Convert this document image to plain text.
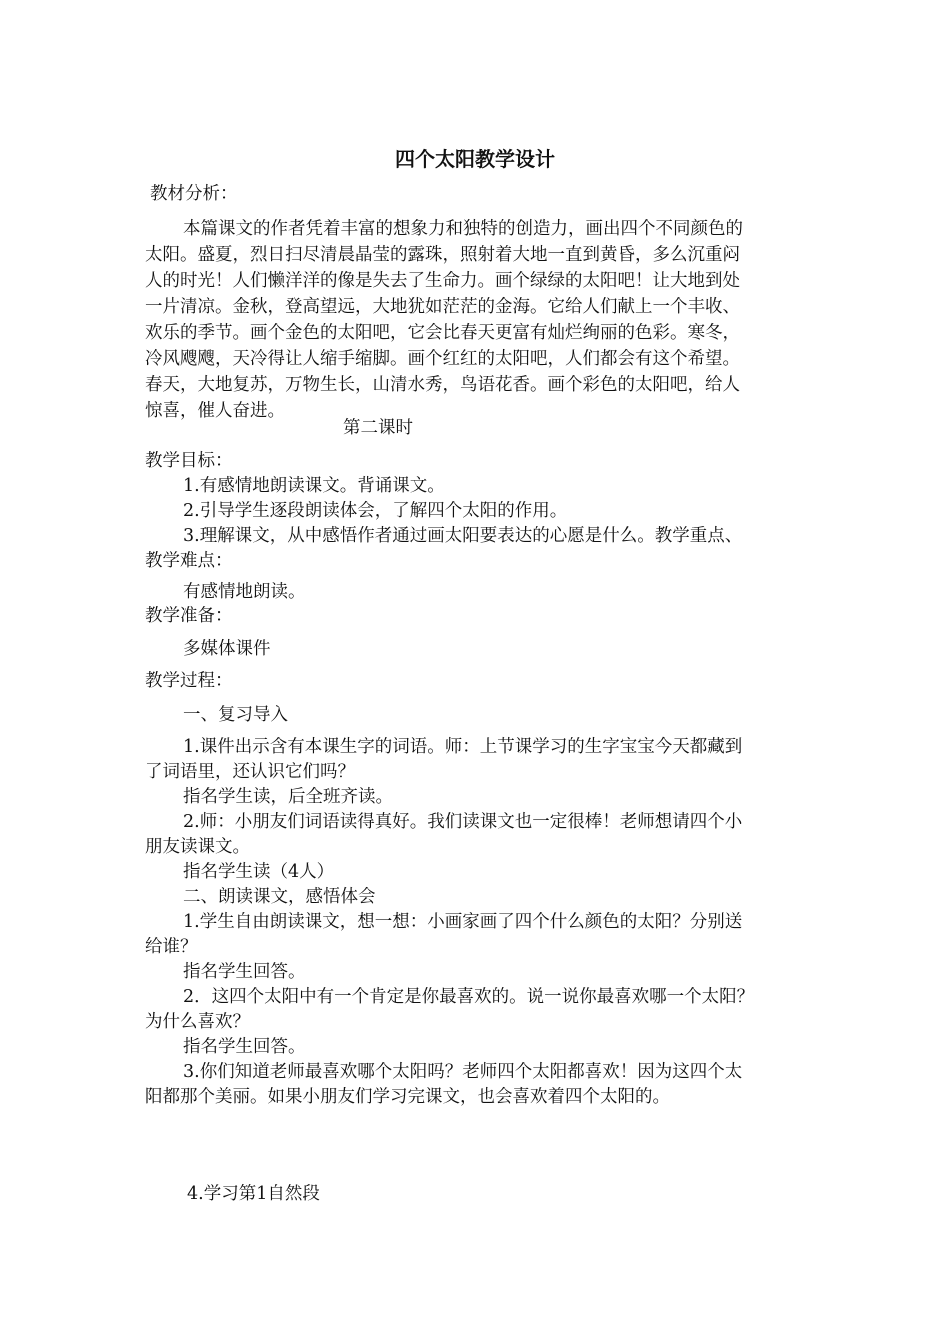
四个太阳教学设计
教材分析：
本篇课文的作者凭着丰富的想象力和独特的创造力，画出四个不同颜色的
太阳。盛夏，烈日扫尽清晨晶莹的露珠，照射着大地一直到黄昏，多么沉重闷
人的时光！人们懒洋洋的像是失去了生命力。画个绿绿的太阳吧！让大地到处
一片清凉。金秋，登高望远，大地犹如茫茫的金海。它给人们献上一个丰收、
欢乐的季节。画个金色的太阳吧，它会比春天更富有灿烂绚丽的色彩。寒冬，
冷风飕飕，天冷得让人缩手缩脚。画个红红的太阳吧，人们都会有这个希望。
春天，大地复苏，万物生长，山清水秀，鸟语花香。画个彩色的太阳吧，给人
惊喜，催人奋进。
第二课时
教学目标：
1.有感情地朗读课文。背诵课文。
2.引导学生逐段朗读体会，了解四个太阳的作用。
3.理解课文，从中感悟作者通过画太阳要表达的心愿是什么。教学重点、
教学难点：
有感情地朗读。
教学准备：
多媒体课件
教学过程：
一、复习导入
1.课件出示含有本课生字的词语。师：上节课学习的生字宝宝今天都藏到
了词语里，还认识它们吗？
指名学生读，后全班齐读。
2.师：小朋友们词语读得真好。我们读课文也一定很棒！老师想请四个小
朋友读课文。
指名学生读（4人）
二、朗读课文，感悟体会
1.学生自由朗读课文，想一想：小画家画了四个什么颜色的太阳？分别送
给谁？
指名学生回答。
2．这四个太阳中有一个肯定是你最喜欢的。说一说你最喜欢哪一个太阳？
为什么喜欢？
指名学生回答。
3.你们知道老师最喜欢哪个太阳吗？老师四个太阳都喜欢！因为这四个太
阳都那个美丽。如果小朋友们学习完课文，也会喜欢着四个太阳的。
4.学习第1自然段
